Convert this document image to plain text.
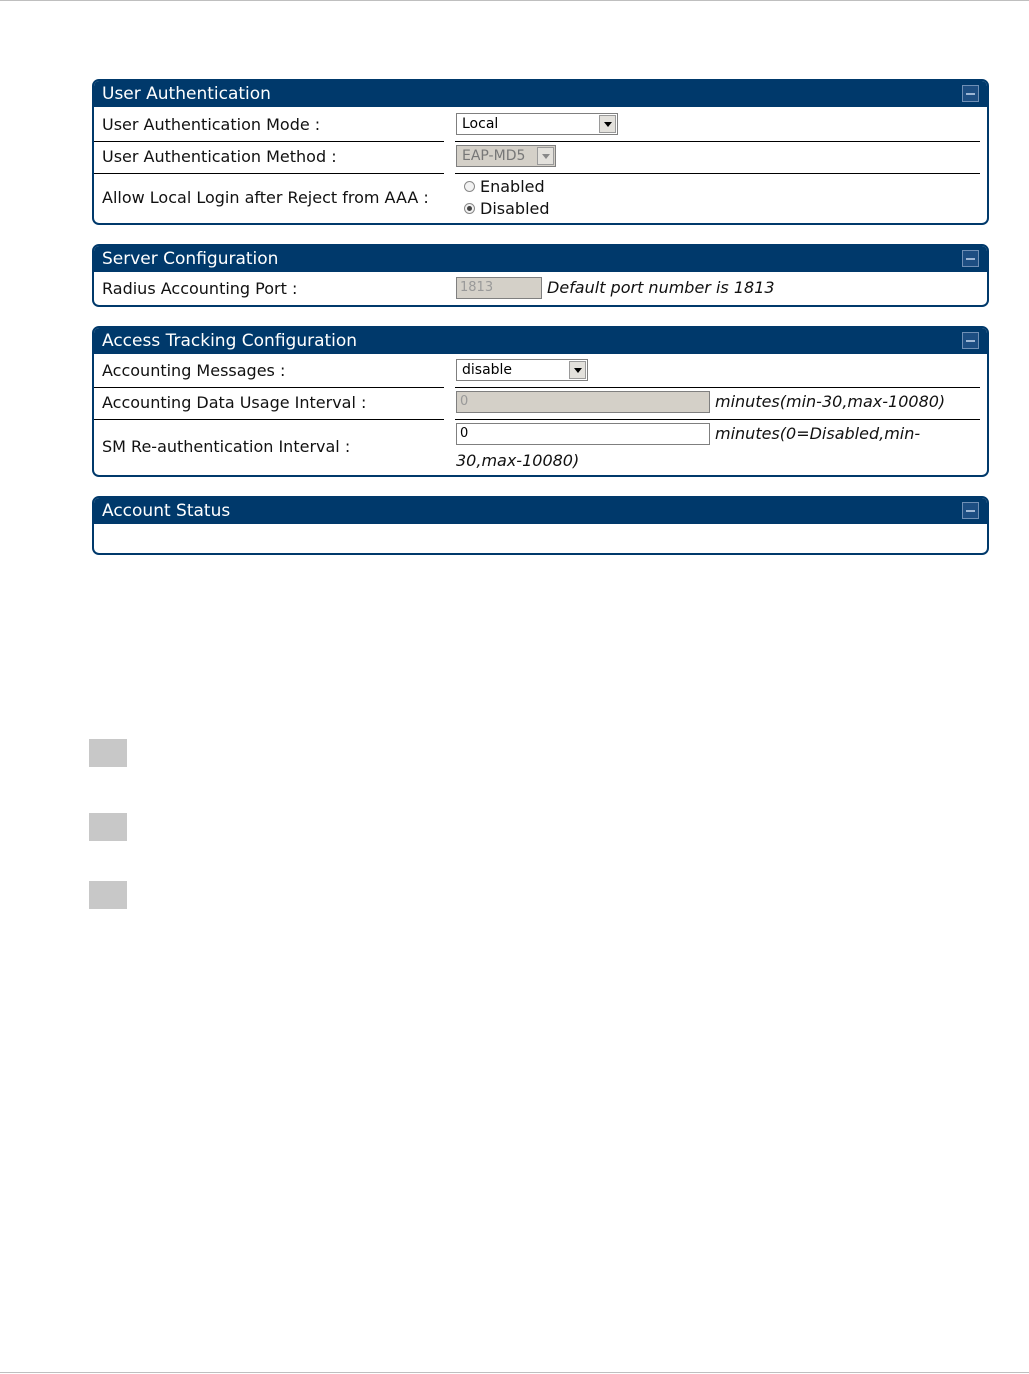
User Authentication
User Authentication Mode :	Local
User Authentication Method :	EAP-MD5
Allow Local Login after Reject from AAA :
Enabled
Disabled
Server Configuration
Radius Accounting Port :	1813	Default port number is 1813
Access Tracking Configuration
Accounting Messages :	disable
Accounting Data Usage Interval :	0	minutes(min-30,max-10080)
SM Re-authentication Interval :
0	minutes(0=Disabled,min-
30,max-10080)
Account Status
